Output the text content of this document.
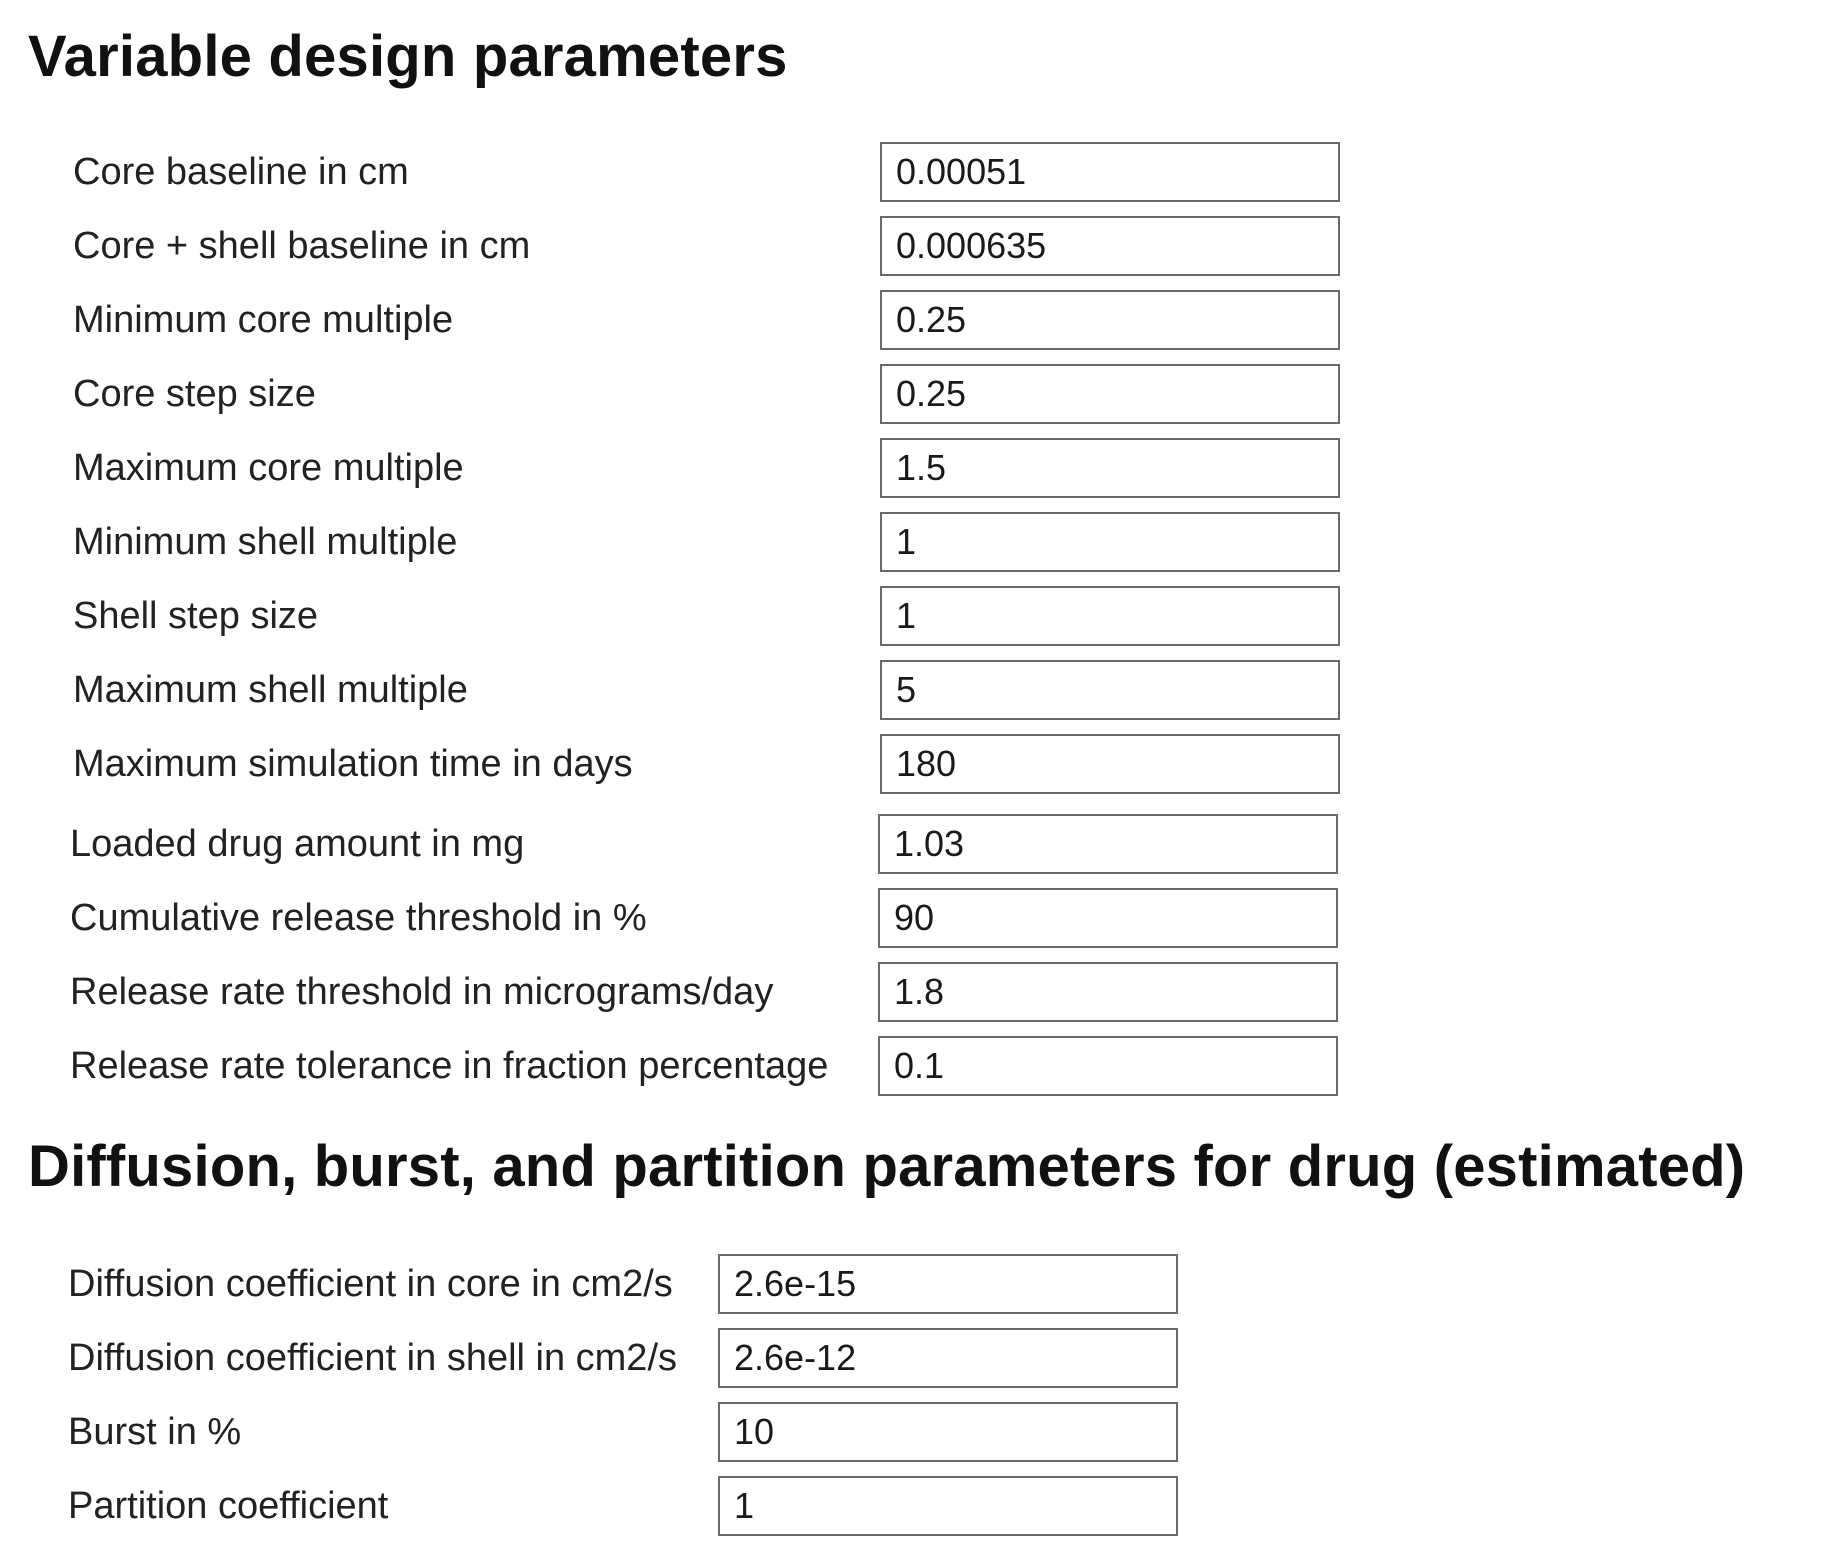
Variable design parameters
Core baseline in cm
0.00051
Core + shell baseline in cm
0.000635
Minimum core multiple
0.25
Core step size
0.25
Maximum core multiple
1.5
Minimum shell multiple
1
Shell step size
1
Maximum shell multiple
5
Maximum simulation time in days
180
Loaded drug amount in mg
1.03
Cumulative release threshold in %
90
Release rate threshold in micrograms/day
1.8
Release rate tolerance in fraction percentage
0.1
Diffusion, burst, and partition parameters for drug (estimated)
Diffusion coefficient in core in cm2/s
2.6e-15
Diffusion coefficient in shell in cm2/s
2.6e-12
Burst in %
10
Partition coefficient
1
